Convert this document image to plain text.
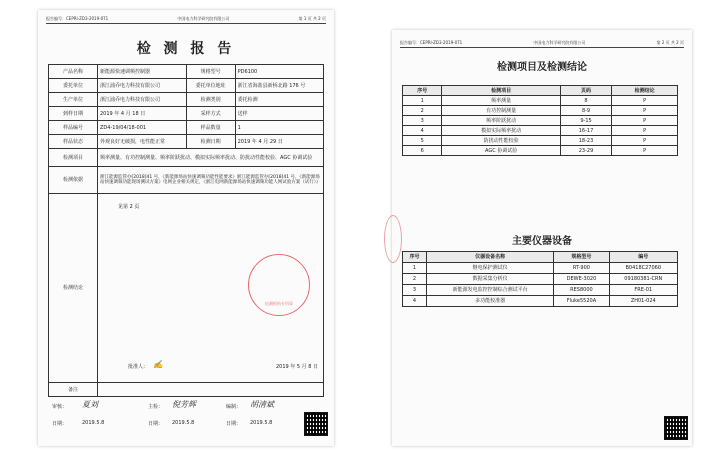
报告编号：CEPRI-ZD3-2019-071	中国电力科学研究院有限公司	第 1 页 共 2 页
检 测 报 告
产品名称	新能源快速调频控制器	规格型号	PD6100
委托单位	浙江浦乔电力科技有限公司	委托单位地址	浙江省海盐县新桥北路 176 号
生产单位	浙江浦乔电力科技有限公司	检测类别	委托检测
到样日期	2019 年 4 月 18 日	采样方式	送样
样品编号	ZD4-19/04/18-001	样品数量	1
样品状态	外观良好无破损，电性能正常	检测日期	2019 年 4 月 29 日
检测项目	频率测量、有功控制测量、频率阶跃扰动、模拟实际频率扰动、防扰动性能校验、AGC 协调试验		
检测依据	浙江能源监管办[2018]41 号，《新能源场站快速调频功能性能要求》浙江能源监管办[2018]41 号，《新能源场站快速调频功能现场测试方案》电网企业相关规定，《浙江电网新能源场站快速调频功能人网试验方案（试行）》		
检测结论	见第 2 页
检测机构专用章
批准人： ✍ 2019 年 5 月 8 日		

备注			
审核： 夏刘	主检： 倪芳辉	编制： 胡清斌
日期：	2019.5.8	日期： 2019.5.8	日期： 2019.5.8
报告编号：CEPRI-ZD3-2019-071	中国电力科学研究院有限公司	第 2 页 共 2 页
检测项目及检测结论
序号	检测项目	页码	检测结论
1	频率测量	8	P
2	有功控制测量	8-9	P
3	频率阶跃扰动	9-15	P
4	模拟实际频率扰动	16-17	P
5	防扰动性能校验	18-23	P
6	AGC 协调试验	23-29	P
主要仪器设备
序号	仪器设备名称	规格型号	编号
1	继电保护测试仪	RT-900	B0418C27060
2	数据采集分析仪	DEWE-3020	09180381-CRN
3	新能源发电监控控制综合测试平台	RES8000	FRE-01
4	多功能校准器	Fluke5520A	ZH01-024
